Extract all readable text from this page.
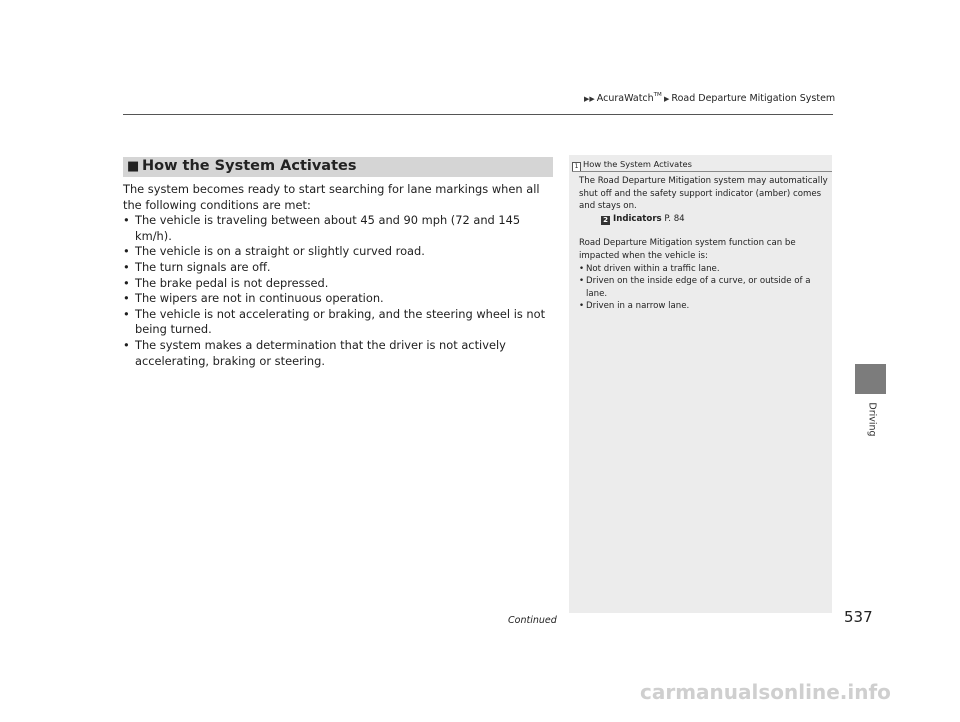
▶▶ AcuraWatch™ ▶ Road Departure Mitigation System
■ How the System Activates

The system becomes ready to start searching for lane markings when all the following conditions are met:

• The vehicle is traveling between about 45 and 90 mph (72 and 145 km/h).
• The vehicle is on a straight or slightly curved road.
• The turn signals are off.
• The brake pedal is not depressed.
• The wipers are not in continuous operation.
• The vehicle is not accelerating or braking, and the steering wheel is not being turned.
• The system makes a determination that the driver is not actively accelerating, braking or steering.
1 How the System Activates

The Road Departure Mitigation system may automatically shut off and the safety support indicator (amber) comes and stays on.

2 Indicators P. 84

Road Departure Mitigation system function can be impacted when the vehicle is:

• Not driven within a traffic lane.
• Driven on the inside edge of a curve, or outside of a lane.
• Driven in a narrow lane.
Driving
Continued	537
carmanualsonline.info
